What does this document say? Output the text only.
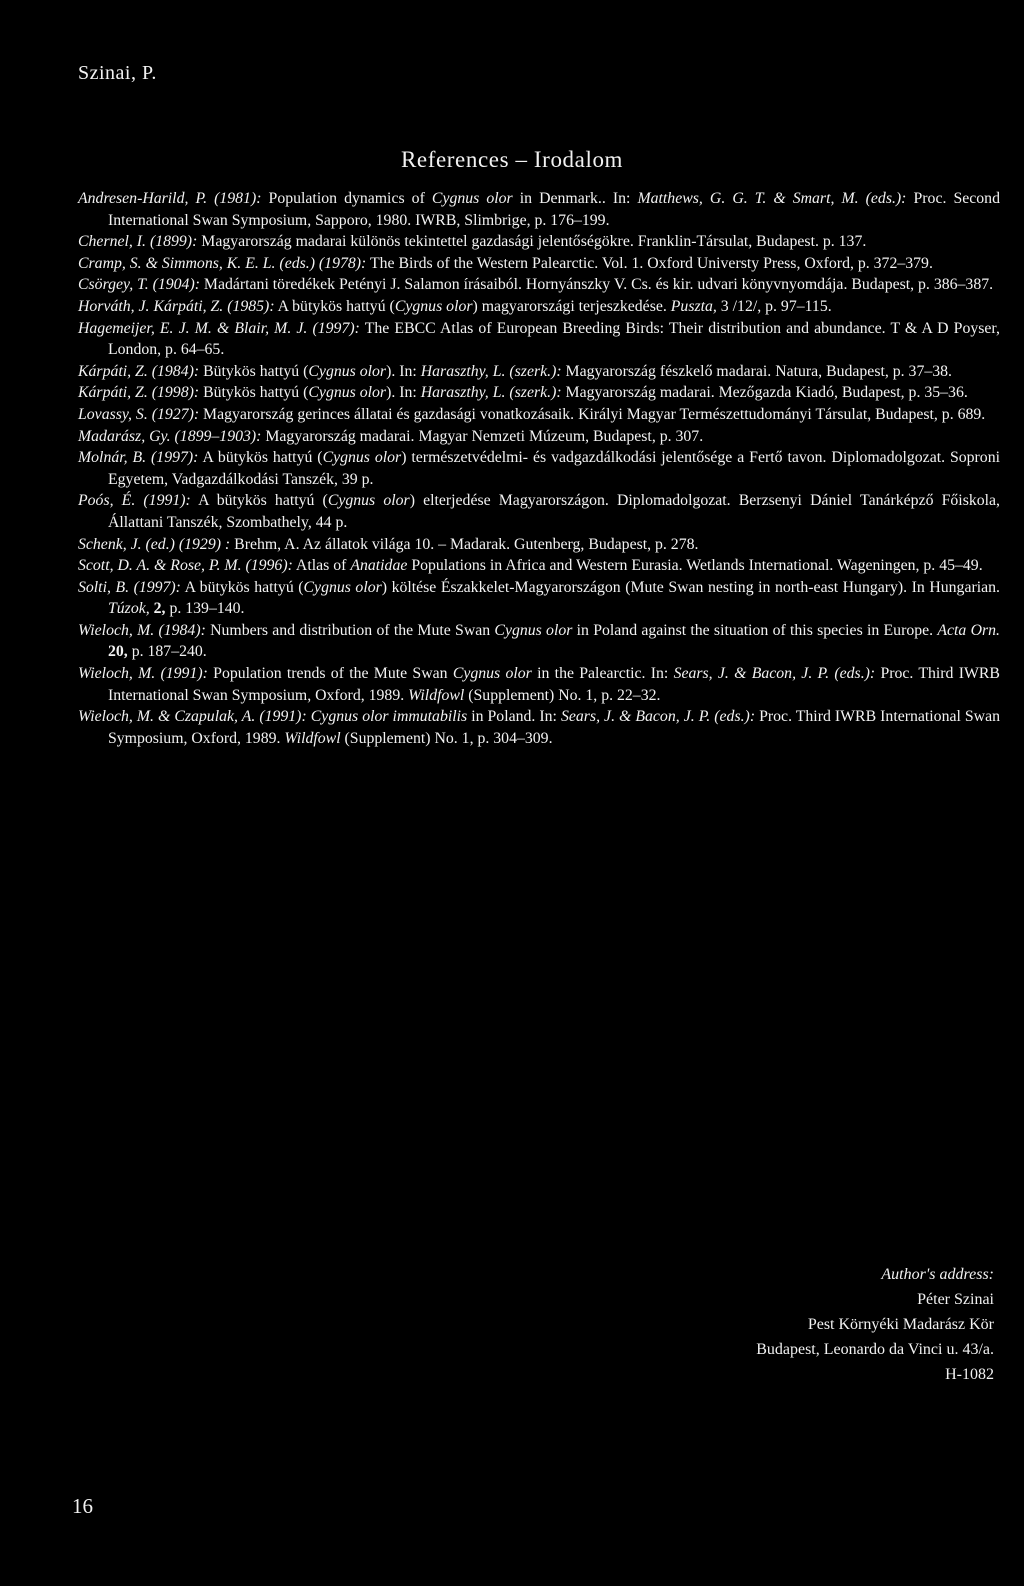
Szinai, P.
References – Irodalom
Andresen-Harild, P. (1981): Population dynamics of Cygnus olor in Denmark.. In: Matthews, G. G. T. & Smart, M. (eds.): Proc. Second International Swan Symposium, Sapporo, 1980. IWRB, Slimbrige, p. 176–199.
Chernel, I. (1899): Magyarország madarai különös tekintettel gazdasági jelentőségökre. Franklin-Társulat, Budapest. p. 137.
Cramp, S. & Simmons, K. E. L. (eds.) (1978): The Birds of the Western Palearctic. Vol. 1. Oxford Universty Press, Oxford, p. 372–379.
Csörgey, T. (1904): Madártani töredékek Petényi J. Salamon írásaiból. Hornyánszky V. Cs. és kir. udvari könyvnyomdája. Budapest, p. 386–387.
Horváth, J. Kárpáti, Z. (1985): A bütykös hattyú (Cygnus olor) magyarországi terjeszkedése. Puszta, 3 /12/, p. 97–115.
Hagemeijer, E. J. M. & Blair, M. J. (1997): The EBCC Atlas of European Breeding Birds: Their distribution and abundance. T & A D Poyser, London, p. 64–65.
Kárpáti, Z. (1984): Bütykös hattyú (Cygnus olor). In: Haraszthy, L. (szerk.): Magyarország fészkelő madarai. Natura, Budapest, p. 37–38.
Kárpáti, Z. (1998): Bütykös hattyú (Cygnus olor). In: Haraszthy, L. (szerk.): Magyarország madarai. Mezőgazda Kiadó, Budapest, p. 35–36.
Lovassy, S. (1927): Magyarország gerinces állatai és gazdasági vonatkozásaik. Királyi Magyar Természettudományi Társulat, Budapest, p. 689.
Madarász, Gy. (1899–1903): Magyarország madarai. Magyar Nemzeti Múzeum, Budapest, p. 307.
Molnár, B. (1997): A bütykös hattyú (Cygnus olor) természetvédelmi- és vadgazdálkodási jelentősége a Fertő tavon. Diplomadolgozat. Soproni Egyetem, Vadgazdálkodási Tanszék, 39 p.
Poós, É. (1991): A bütykös hattyú (Cygnus olor) elterjedése Magyarországon. Diplomadolgozat. Berzsenyi Dániel Tanárképző Főiskola, Állattani Tanszék, Szombathely, 44 p.
Schenk, J. (ed.) (1929) : Brehm, A. Az állatok világa 10. – Madarak. Gutenberg, Budapest, p. 278.
Scott, D. A. & Rose, P. M. (1996): Atlas of Anatidae Populations in Africa and Western Eurasia. Wetlands International. Wageningen, p. 45–49.
Solti, B. (1997): A bütykös hattyú (Cygnus olor) költése Északkelet-Magyarországon (Mute Swan nesting in north-east Hungary). In Hungarian. Túzok, 2, p. 139–140.
Wieloch, M. (1984): Numbers and distribution of the Mute Swan Cygnus olor in Poland against the situation of this species in Europe. Acta Orn. 20, p. 187–240.
Wieloch, M. (1991): Population trends of the Mute Swan Cygnus olor in the Palearctic. In: Sears, J. & Bacon, J. P. (eds.): Proc. Third IWRB International Swan Symposium, Oxford, 1989. Wildfowl (Supplement) No. 1, p. 22–32.
Wieloch, M. & Czapulak, A. (1991): Cygnus olor immutabilis in Poland. In: Sears, J. & Bacon, J. P. (eds.): Proc. Third IWRB International Swan Symposium, Oxford, 1989. Wildfowl (Supplement) No. 1, p. 304–309.
Author's address:
Péter Szinai
Pest Környéki Madarász Kör
Budapest, Leonardo da Vinci u. 43/a.
H-1082
16
